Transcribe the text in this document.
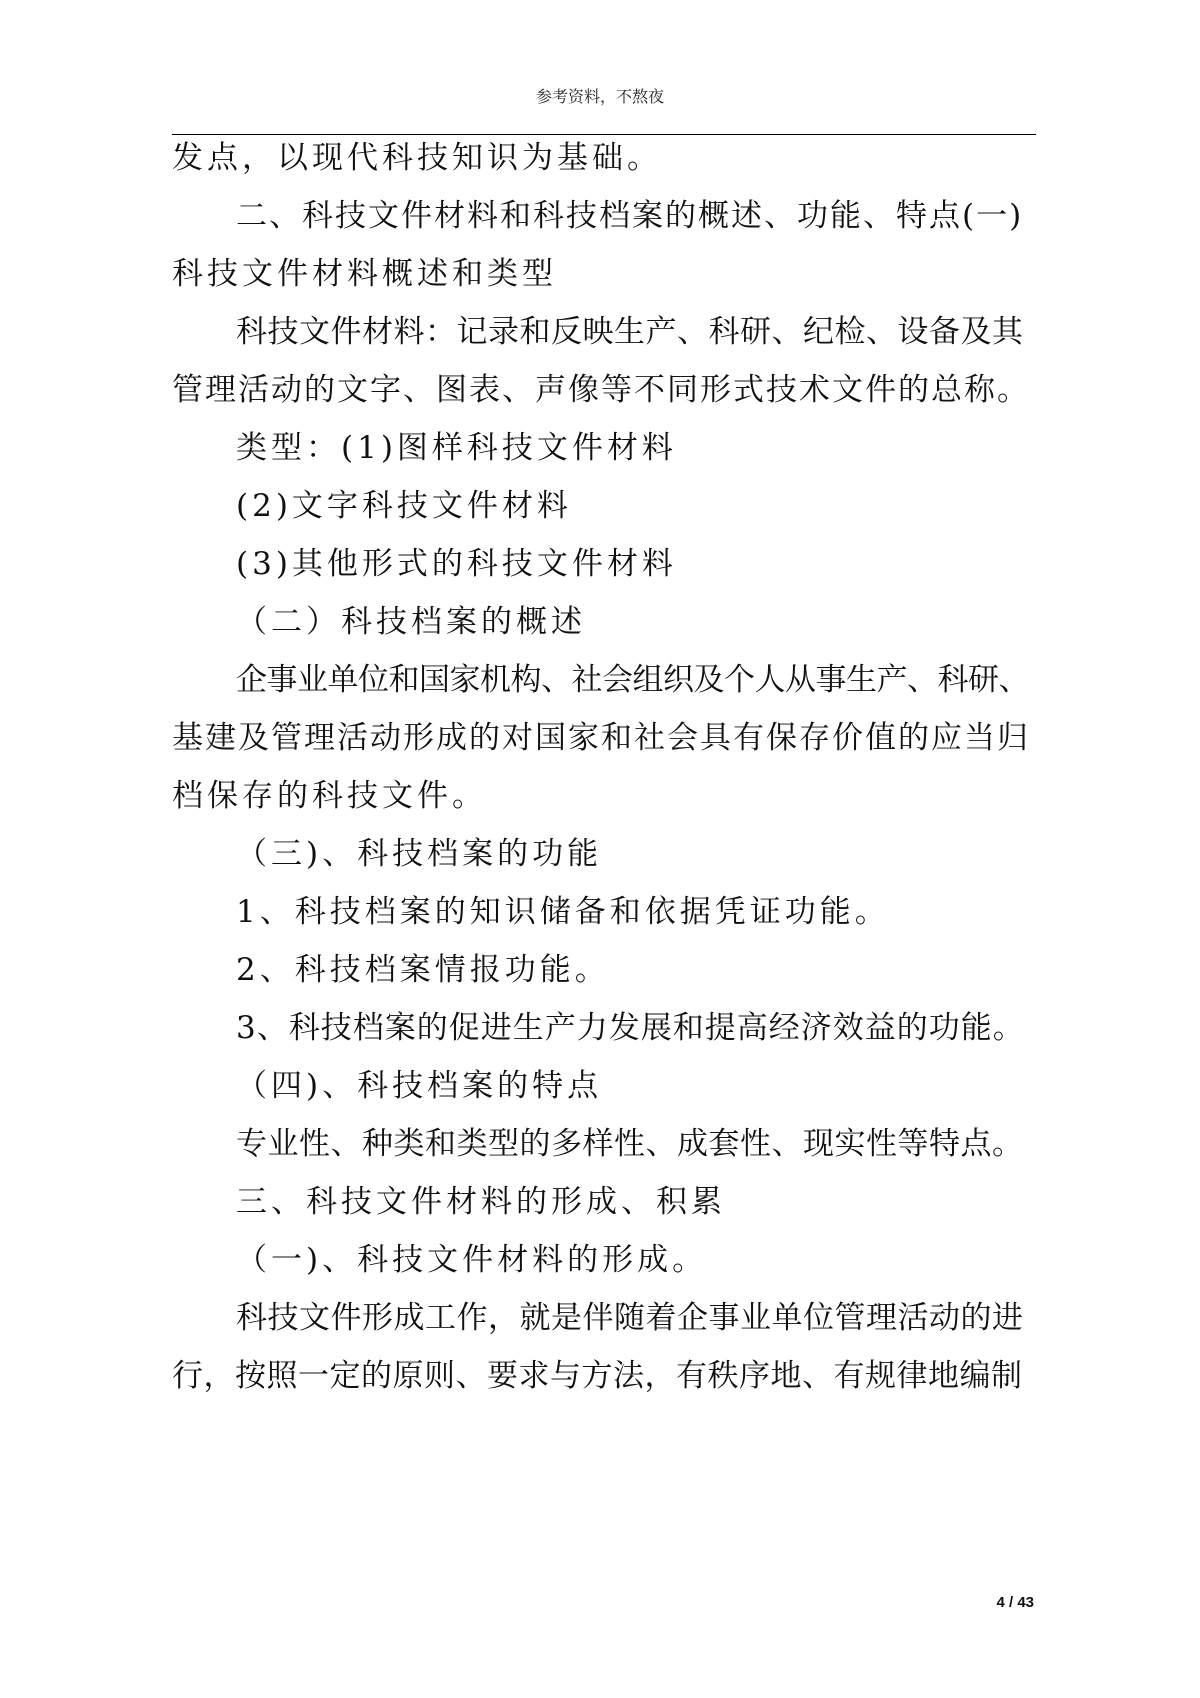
参考资料，不熬夜
发点，以现代科技知识为基础。
二、科技文件材料和科技档案的概述、功能、特点(一)
科技文件材料概述和类型
科技文件材料：记录和反映生产、科研、纪检、设备及其
管理活动的文字、图表、声像等不同形式技术文件的总称。
类型：(1)图样科技文件材料
(2)文字科技文件材料
(3)其他形式的科技文件材料
（二）科技档案的概述
企事业单位和国家机构、社会组织及个人从事生产、科研、
基建及管理活动形成的对国家和社会具有保存价值的应当归
档保存的科技文件。
（三)、科技档案的功能
1、科技档案的知识储备和依据凭证功能。
2、科技档案情报功能。
3、科技档案的促进生产力发展和提高经济效益的功能。
（四)、科技档案的特点
专业性、种类和类型的多样性、成套性、现实性等特点。
三、科技文件材料的形成、积累
（一)、科技文件材料的形成。
科技文件形成工作，就是伴随着企事业单位管理活动的进
行，按照一定的原则、要求与方法，有秩序地、有规律地编制
4 / 43
